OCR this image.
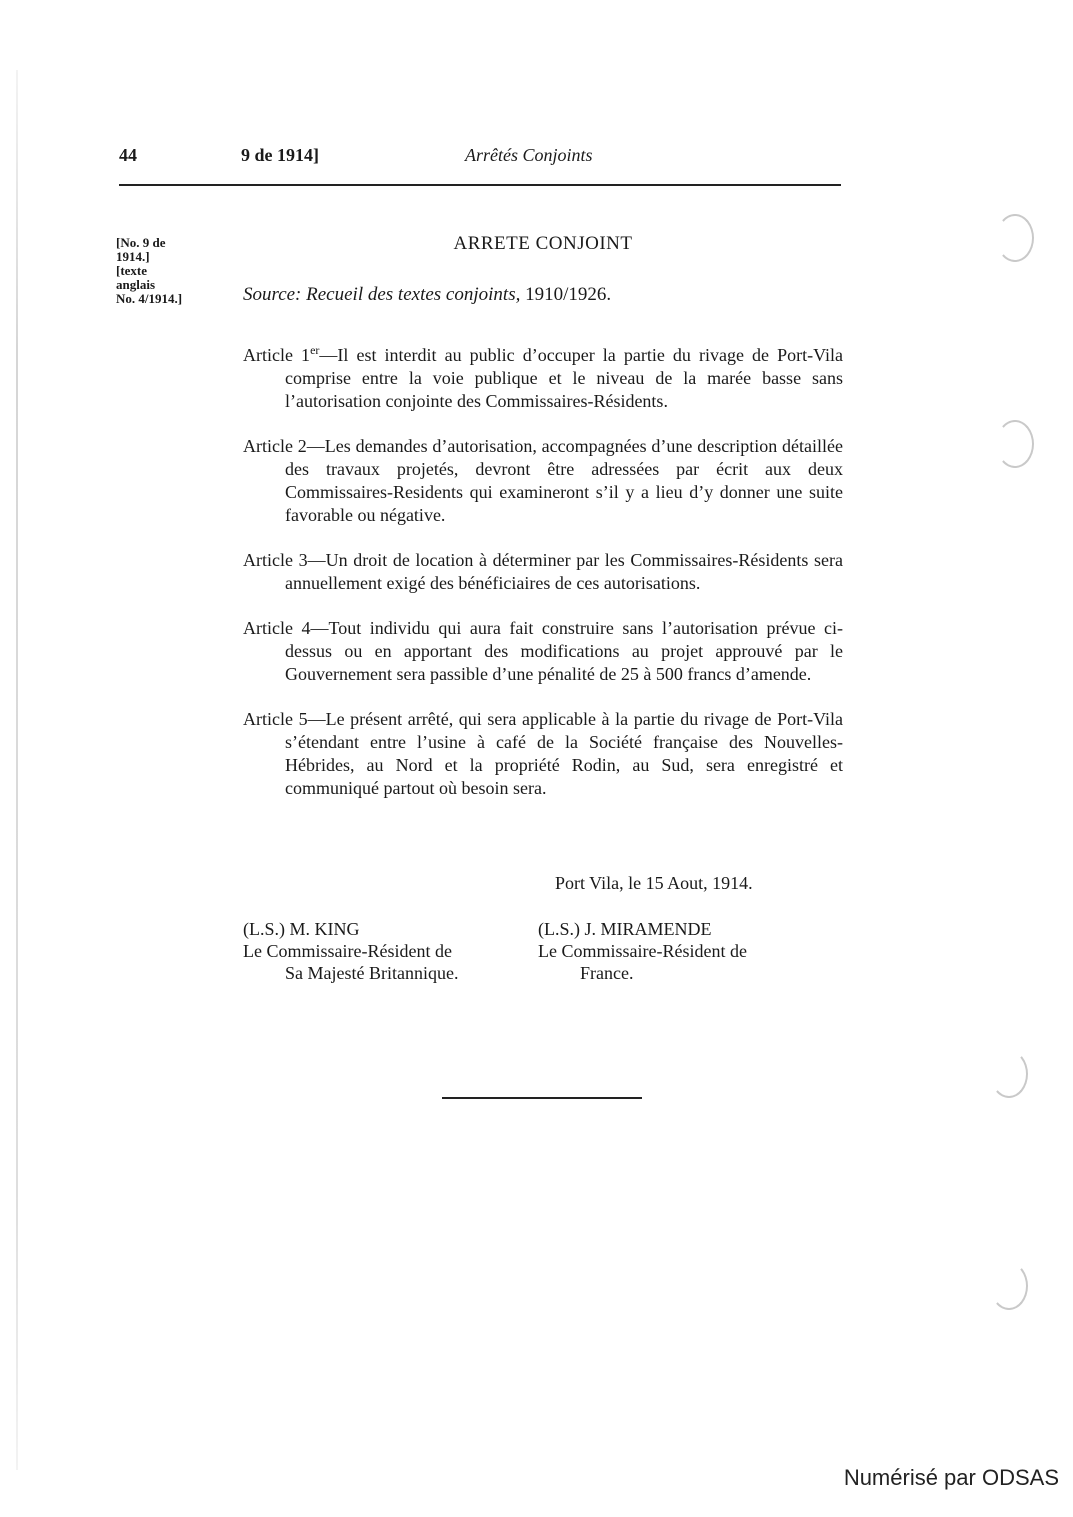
44	9 de 1914]	Arrêtés Conjoints
[No. 9 de
1914.]
[texte
anglais
No. 4/1914.]
ARRETE CONJOINT
Source: Recueil des textes conjoints, 1910/1926.

Article 1er—Il est interdit au public d’occuper la partie du rivage de Port-Vila comprise entre la voie publique et le niveau de la marée basse sans l’autorisation conjointe des Commissaires-Résidents.

Article 2—Les demandes d’autorisation, accompagnées d’une description détaillée des travaux projetés, devront être adressées par écrit aux deux Commissaires-Residents qui examineront s’il y a lieu d’y donner une suite favorable ou négative.

Article 3—Un droit de location à déterminer par les Commissaires-Résidents sera annuellement exigé des bénéficiaires de ces autorisations.

Article 4—Tout individu qui aura fait construire sans l’autorisation prévue ci-dessus ou en apportant des modifications au projet approuvé par le Gouvernement sera passible d’une pénalité de 25 à 500 francs d’amende.

Article 5—Le présent arrêté, qui sera applicable à la partie du rivage de Port-Vila s’étendant entre l’usine à café de la Société française des Nouvelles-Hébrides, au Nord et la propriété Rodin, au Sud, sera enregistré et communiqué partout où besoin sera.

Port Vila, le 15 Aout, 1914.
(L.S.) M. KING
Le Commissaire-Résident de
Sa Majesté Britannique.
(L.S.) J. MIRAMENDE
Le Commissaire-Résident de
France.
Numérisé par ODSAS
